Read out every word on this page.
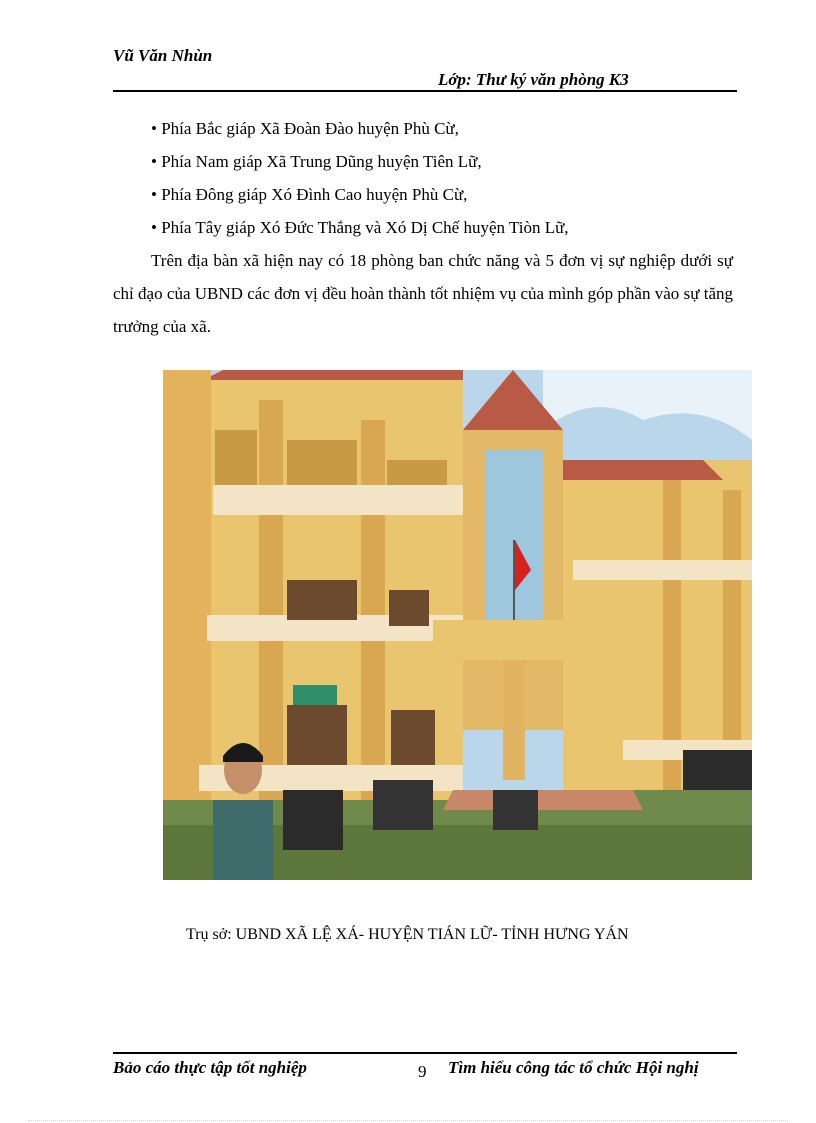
Vũ Văn Nhùn
Lớp: Thư ký văn phòng K3
• Phía Bắc giáp Xã Đoàn Đào huyện Phù Cừ,
• Phía Nam giáp Xã Trung Dũng huyện Tiên Lữ,
• Phía Đông giáp Xó Đình Cao huyện Phù Cừ,
• Phía Tây giáp Xó Đức Thắng và Xó Dị Chế huyện Tiòn Lữ,
Trên địa bàn xã hiện nay có 18 phòng ban chức năng và 5 đơn vị sự nghiệp dưới sự chỉ đạo của UBND các đơn vị đều hoàn thành tốt nhiệm vụ của mình góp phần vào sự tăng trưởng của xã.
Trụ sở: UBND XÃ LỆ XÁ- HUYỆN TIÁN LỮ- TỈNH HƯNG YÁN
Bảo cáo thực tập tốt nghiệp	9 Tìm hiểu công tác tổ chức Hội nghị
